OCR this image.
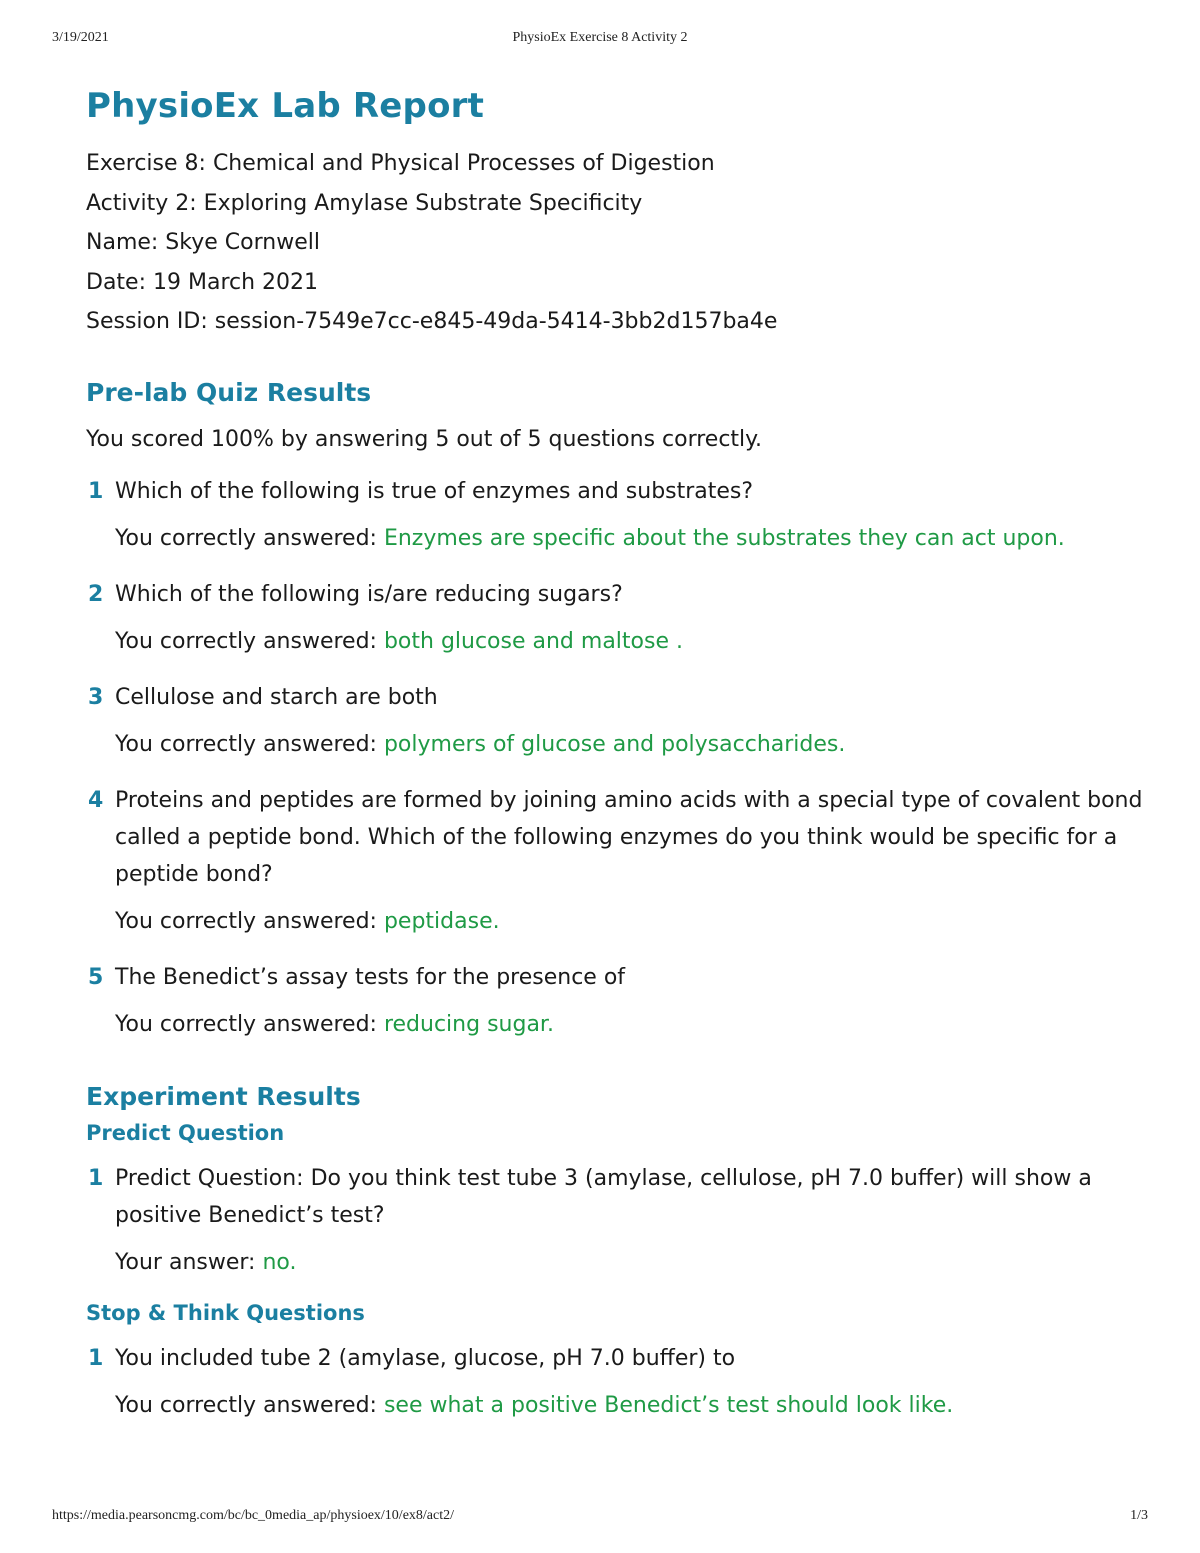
3/19/2021	PhysioEx Exercise 8 Activity 2
PhysioEx Lab Report
Exercise 8: Chemical and Physical Processes of Digestion
Activity 2: Exploring Amylase Substrate Specificity
Name: Skye Cornwell
Date: 19 March 2021
Session ID: session-7549e7cc-e845-49da-5414-3bb2d157ba4e
Pre-lab Quiz Results
You scored 100% by answering 5 out of 5 questions correctly.
1 Which of the following is true of enzymes and substrates?
You correctly answered: Enzymes are specific about the substrates they can act upon.
2 Which of the following is/are reducing sugars?
You correctly answered: both glucose and maltose .
3 Cellulose and starch are both
You correctly answered: polymers of glucose and polysaccharides.
4 Proteins and peptides are formed by joining amino acids with a special type of covalent bond called a peptide bond. Which of the following enzymes do you think would be specific for a peptide bond?
You correctly answered: peptidase.
5 The Benedict’s assay tests for the presence of
You correctly answered: reducing sugar.
Experiment Results
Predict Question
1 Predict Question: Do you think test tube 3 (amylase, cellulose, pH 7.0 buffer) will show a positive Benedict’s test?
Your answer: no.
Stop & Think Questions
1 You included tube 2 (amylase, glucose, pH 7.0 buffer) to
You correctly answered: see what a positive Benedict’s test should look like.
https://media.pearsoncmg.com/bc/bc_0media_ap/physioex/10/ex8/act2/	1/3
